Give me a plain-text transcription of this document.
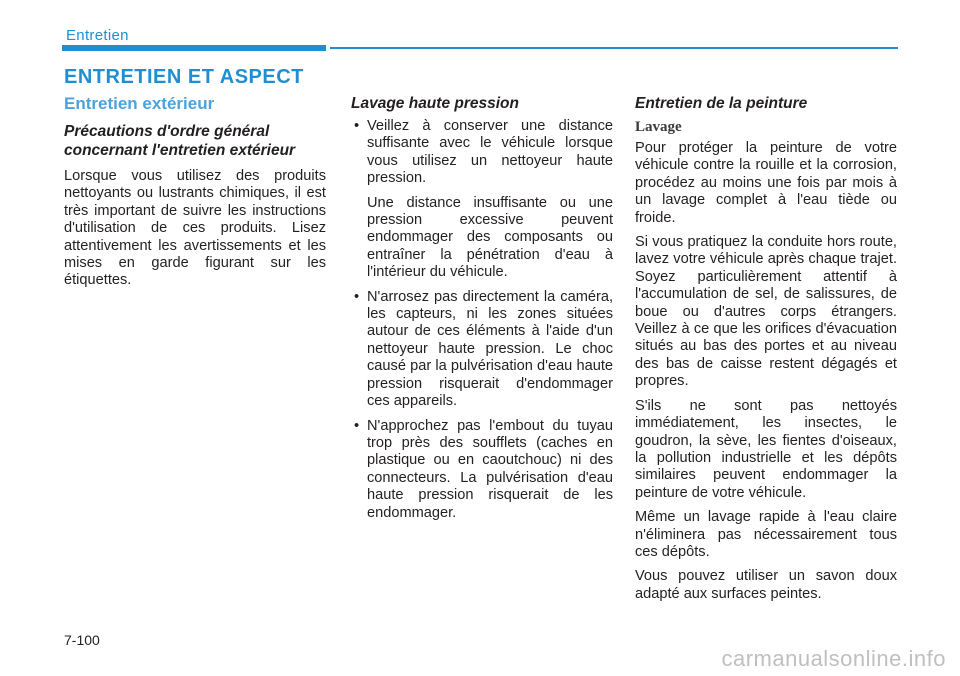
Entretien
ENTRETIEN ET ASPECT
Entretien extérieur
Précautions d'ordre général
concernant l'entretien extérieur

Lorsque vous utilisez des produits nettoyants ou lustrants chimiques, il est très important de suivre les instructions d'utilisation de ces produits. Lisez attentivement les avertissements et les mises en garde figurant sur les étiquettes.

Lavage haute pression
• Veillez à conserver une distance suffisante avec le véhicule lorsque vous utilisez un nettoyeur haute pression.

Une distance insuffisante ou une pression excessive peuvent endommager des composants ou entraîner la pénétration d'eau à l'intérieur du véhicule.

• N'arrosez pas directement la caméra, les capteurs, ni les zones situées autour de ces éléments à l'aide d'un nettoyeur haute pression. Le choc causé par la pulvérisation d'eau haute pression risquerait d'endommager ces appareils.

• N'approchez pas l'embout du tuyau trop près des soufflets (caches en plastique ou en caoutchouc) ni des connecteurs. La pulvérisation d'eau haute pression risquerait de les endommager.

Entretien de la peinture
Lavage

Pour protéger la peinture de votre véhicule contre la rouille et la corrosion, procédez au moins une fois par mois à un lavage complet à l'eau tiède ou froide.

Si vous pratiquez la conduite hors route, lavez votre véhicule après chaque trajet. Soyez particulièrement attentif à l'accumulation de sel, de salissures, de boue ou d'autres corps étrangers. Veillez à ce que les orifices d'évacuation situés au bas des portes et au niveau des bas de caisse restent dégagés et propres.

S'ils ne sont pas nettoyés immédiatement, les insectes, le goudron, la sève, les fientes d'oiseaux, la pollution industrielle et les dépôts similaires peuvent endommager la peinture de votre véhicule.

Même un lavage rapide à l'eau claire n'éliminera pas nécessairement tous ces dépôts.

Vous pouvez utiliser un savon doux adapté aux surfaces peintes.

7-100
carmanualsonline.info
